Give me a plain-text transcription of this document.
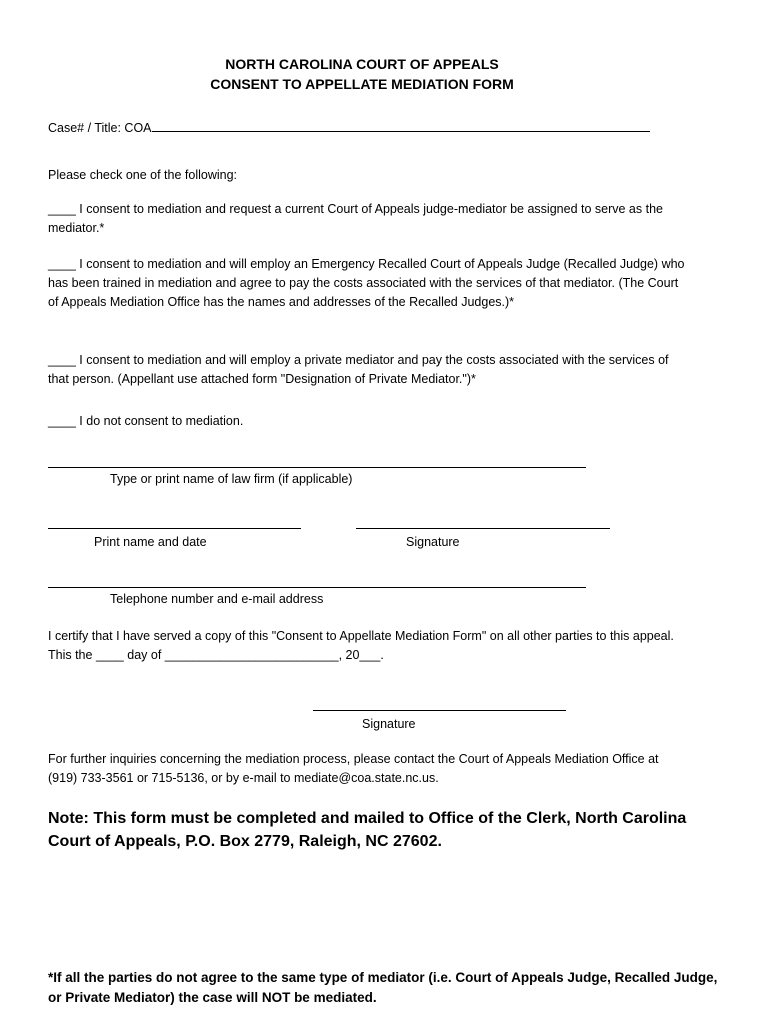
NORTH CAROLINA COURT OF APPEALS
CONSENT TO APPELLATE MEDIATION FORM
Case# / Title: COA
Please check one of the following:
____ I consent to mediation and request a current Court of Appeals judge-mediator be assigned to serve as the mediator.*
____ I consent to mediation and will employ an Emergency Recalled Court of Appeals Judge (Recalled Judge) who has been trained in mediation and agree to pay the costs associated with the services of that mediator. (The Court of Appeals Mediation Office has the names and addresses of the Recalled Judges.)*
____ I consent to mediation and will employ a private mediator and pay the costs associated with the services of that person. (Appellant use attached form "Designation of Private Mediator.")*
____ I do not consent to mediation.
Type or print name of law firm (if applicable)
Print name and date	Signature
Telephone number and e-mail address
I certify that I have served a copy of this "Consent to Appellate Mediation Form" on all other parties to this appeal. This the ____ day of _________________________, 20___.
Signature
For further inquiries concerning the mediation process, please contact the Court of Appeals Mediation Office at (919) 733-3561 or 715-5136, or by e-mail to mediate@coa.state.nc.us.
Note: This form must be completed and mailed to Office of the Clerk, North Carolina Court of Appeals, P.O. Box 2779, Raleigh, NC 27602.
*If all the parties do not agree to the same type of mediator (i.e. Court of Appeals Judge, Recalled Judge, or Private Mediator) the case will NOT be mediated.
